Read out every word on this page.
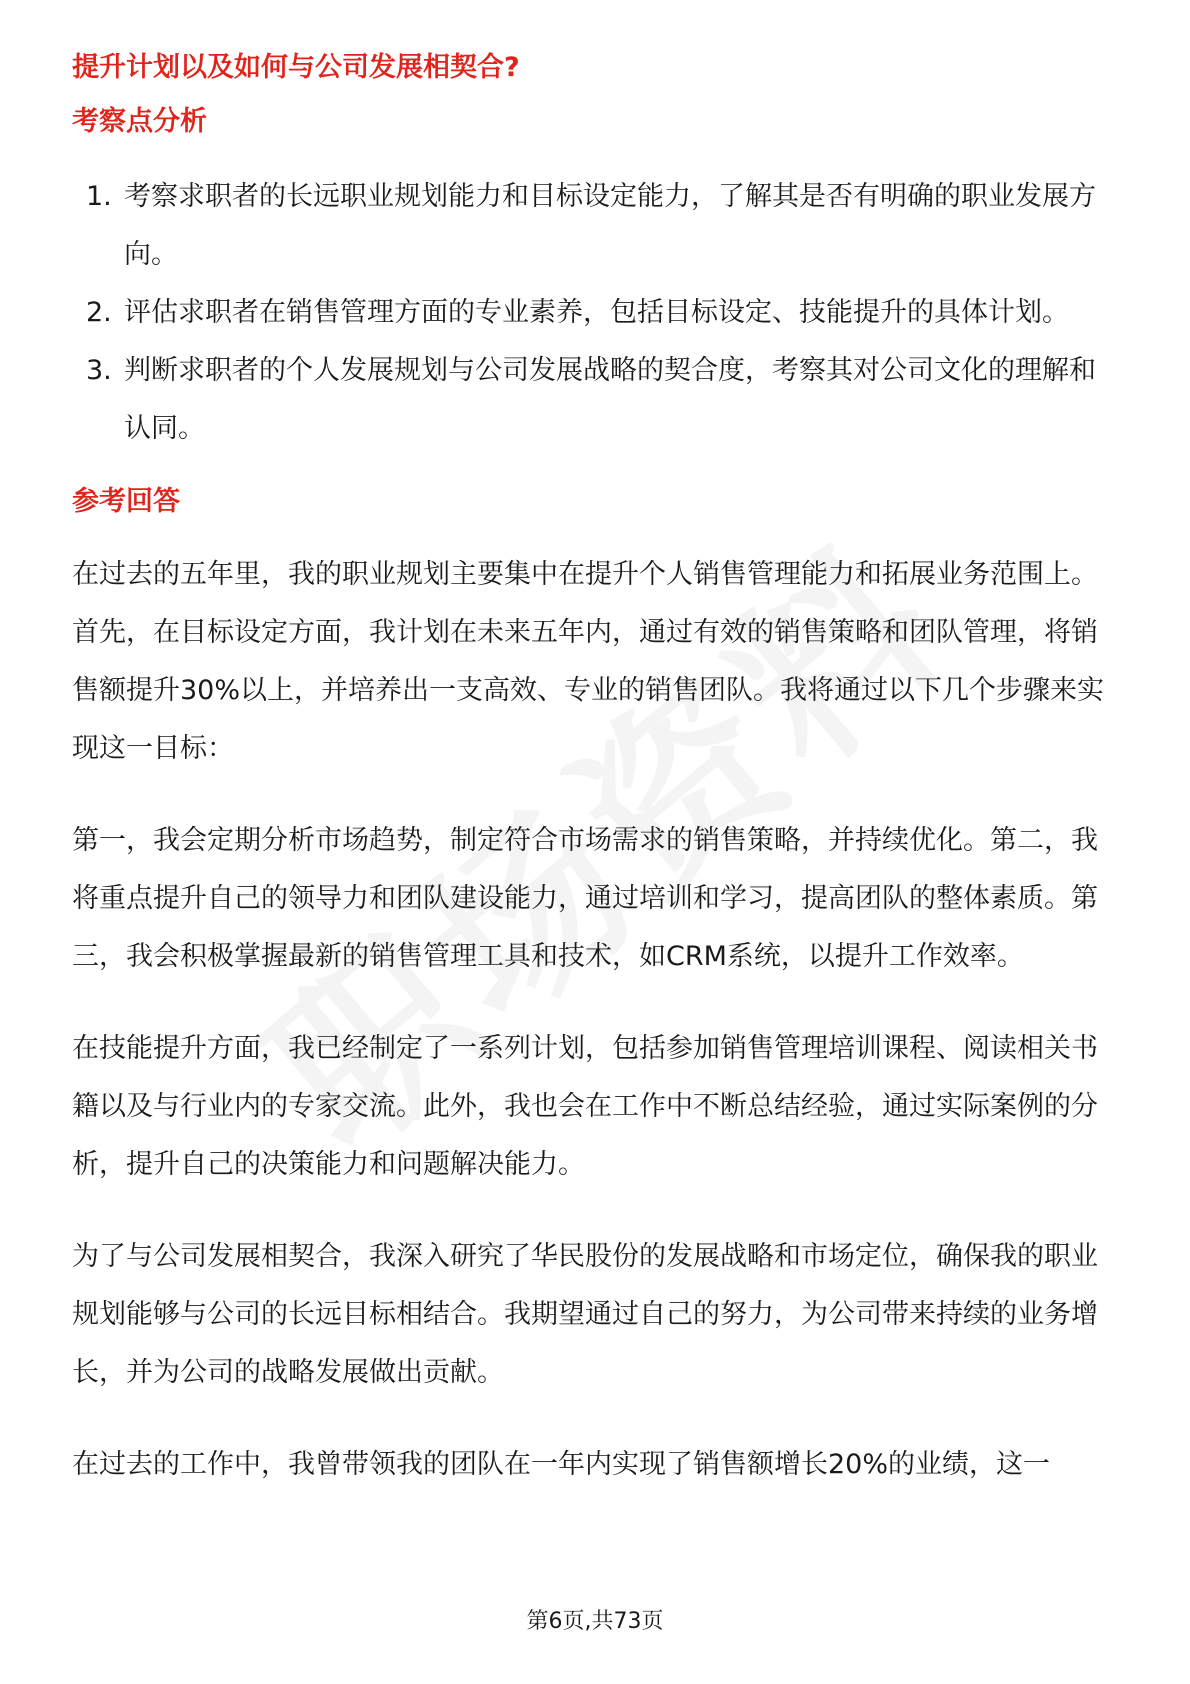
提升计划以及如何与公司发展相契合?
考察点分析
1. 考察求职者的长远职业规划能力和目标设定能力，了解其是否有明确的职业发展方向。
2. 评估求职者在销售管理方面的专业素养，包括目标设定、技能提升的具体计划。
3. 判断求职者的个人发展规划与公司发展战略的契合度，考察其对公司文化的理解和认同。
参考回答

在过去的五年里，我的职业规划主要集中在提升个人销售管理能力和拓展业务范围上。首先，在目标设定方面，我计划在未来五年内，通过有效的销售策略和团队管理，将销售额提升30%以上，并培养出一支高效、专业的销售团队。我将通过以下几个步骤来实现这一目标：

第一，我会定期分析市场趋势，制定符合市场需求的销售策略，并持续优化。第二，我将重点提升自己的领导力和团队建设能力，通过培训和学习，提高团队的整体素质。第三，我会积极掌握最新的销售管理工具和技术，如CRM系统，以提升工作效率。

在技能提升方面，我已经制定了一系列计划，包括参加销售管理培训课程、阅读相关书籍以及与行业内的专家交流。此外，我也会在工作中不断总结经验，通过实际案例的分析，提升自己的决策能力和问题解决能力。

为了与公司发展相契合，我深入研究了华民股份的发展战略和市场定位，确保我的职业规划能够与公司的长远目标相结合。我期望通过自己的努力，为公司带来持续的业务增长，并为公司的战略发展做出贡献。

在过去的工作中，我曾带领我的团队在一年内实现了销售额增长20%的业绩，这一

第6页,共73页
